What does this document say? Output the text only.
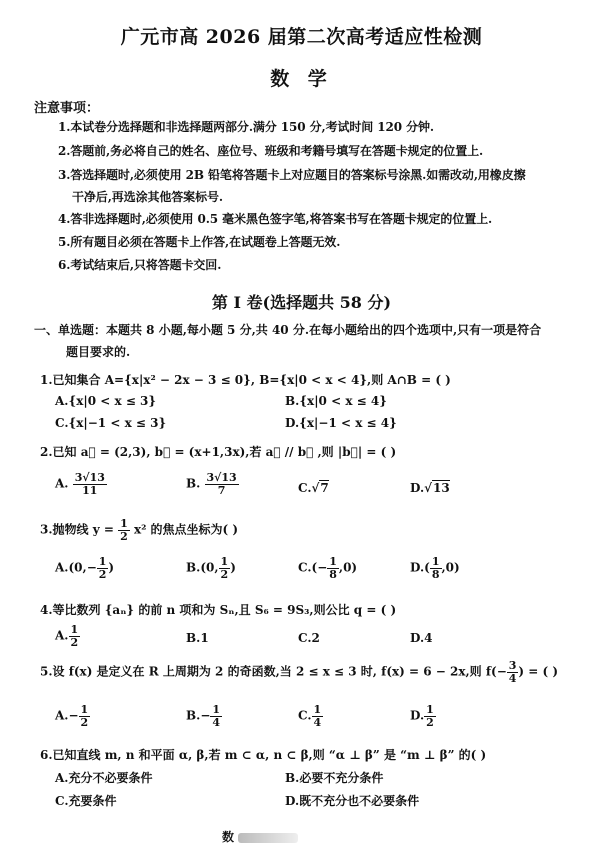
广元市高 2026 届第二次高考适应性检测
数 学
注意事项：
1.本试卷分选择题和非选择题两部分.满分 150 分,考试时间 120 分钟.
2.答题前,务必将自己的姓名、座位号、班级和考籍号填写在答题卡规定的位置上.
3.答选择题时,必须使用 2B 铅笔将答题卡上对应题目的答案标号涂黑.如需改动,用橡皮擦
干净后,再选涂其他答案标号.
4.答非选择题时,必须使用 0.5 毫米黑色签字笔,将答案书写在答题卡规定的位置上.
5.所有题目必须在答题卡上作答,在试题卷上答题无效.
6.考试结束后,只将答题卡交回.
第 I 卷(选择题共 58 分)
一、单选题：本题共 8 小题,每小题 5 分,共 40 分.在每小题给出的四个选项中,只有一项是符合
题目要求的.
1.已知集合 A={x|x² − 2x − 3 ≤ 0}, B={x|0 < x < 4},则 A∩B = ( )
A.{x|0 < x ≤ 3}	B.{x|0 < x ≤ 4}
C.{x|−1 < x ≤ 3}	D.{x|−1 < x ≤ 4}
2.已知 a⃗ = (2,3), b⃗ = (x+1,3x),若 a⃗ // b⃗ ,则 |b⃗| = ( )
A. $\frac{3√13}{11}$	B. $\frac{3√13}{7}$	C.√7	D.√13
3.抛物线 $y = \frac{1}{2} x^2$ 的焦点坐标为( )
$A.(0,- \frac{1}{2}$ )	B.(0, $\frac{1}{2}$ )	$C.(- \frac{1}{8} ,0)$	$D.( \frac{1}{8} ,0)$
4.等比数列 {aₙ} 的前 n 项和为 Sₙ,且 S₆ = 9S₃,则公比 q = ( )
A. $\frac{1}{2}$	B.1	C.2	D.4
5.设 f(x) 是定义在 R 上周期为 2 的奇函数,当 2 ≤ x ≤ 3 时, f(x) = 6 − 2x,则 $f(- \frac{3}{4}$ ) = ( )
$A.- \frac{1}{2}$	$B.- \frac{1}{4}$	C. $\frac{1}{4}$	D. $\frac{1}{2}$
6.已知直线 m, n 和平面 α, β,若 m ⊂ α, n ⊂ β,则 “α ⊥ β” 是 “m ⊥ β” 的( )
A.充分不必要条件	B.必要不充分条件
C.充要条件	D.既不充分也不必要条件
数
